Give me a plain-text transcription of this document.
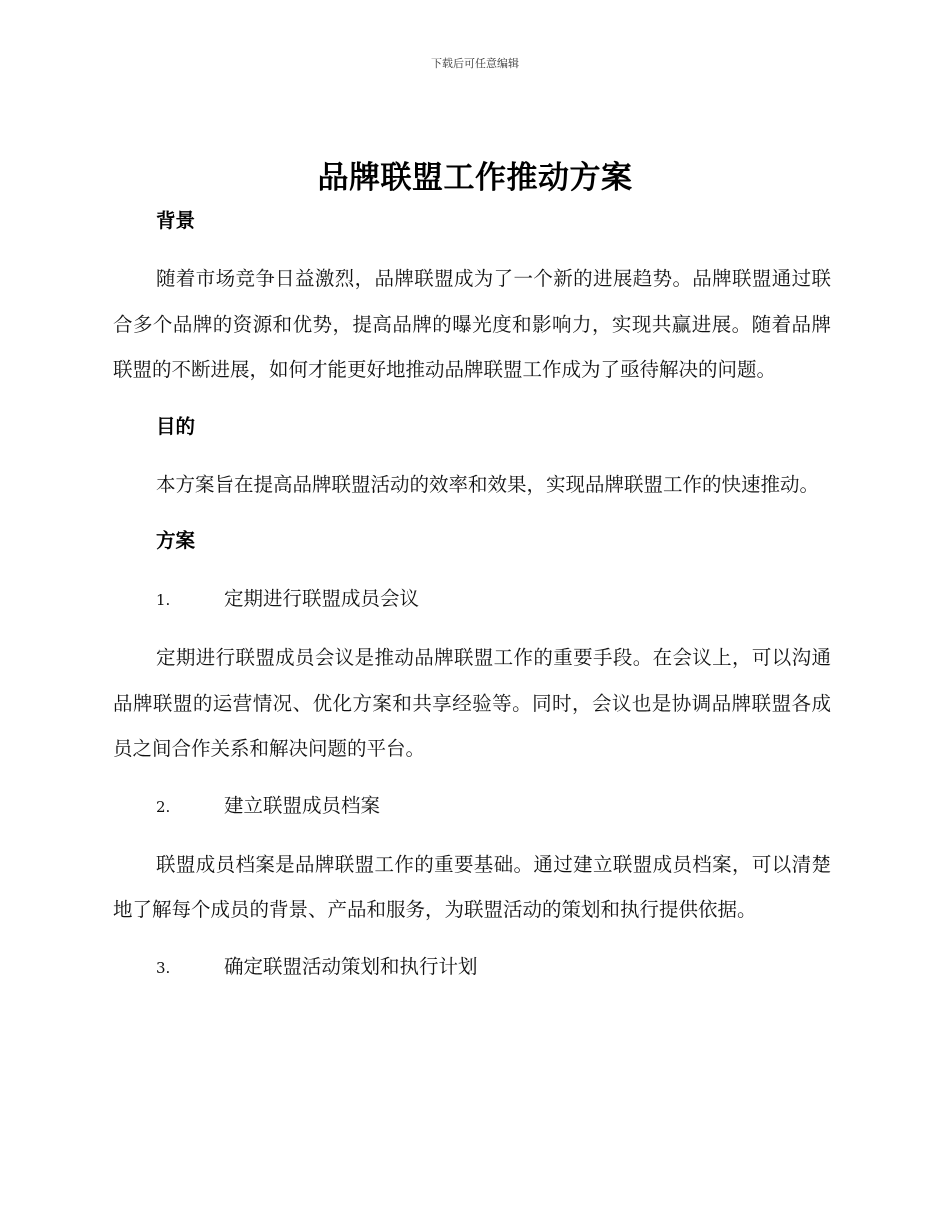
下载后可任意编辑
品牌联盟工作推动方案
背景

随着市场竞争日益激烈，品牌联盟成为了一个新的进展趋势。品牌联盟通过联合多个品牌的资源和优势，提高品牌的曝光度和影响力，实现共赢进展。随着品牌联盟的不断进展，如何才能更好地推动品牌联盟工作成为了亟待解决的问题。

目的

本方案旨在提高品牌联盟活动的效率和效果，实现品牌联盟工作的快速推动。

方案
1.	定期进行联盟成员会议

定期进行联盟成员会议是推动品牌联盟工作的重要手段。在会议上，可以沟通品牌联盟的运营情况、优化方案和共享经验等。同时，会议也是协调品牌联盟各成员之间合作关系和解决问题的平台。

2.	建立联盟成员档案

联盟成员档案是品牌联盟工作的重要基础。通过建立联盟成员档案，可以清楚地了解每个成员的背景、产品和服务，为联盟活动的策划和执行提供依据。

3.	确定联盟活动策划和执行计划
